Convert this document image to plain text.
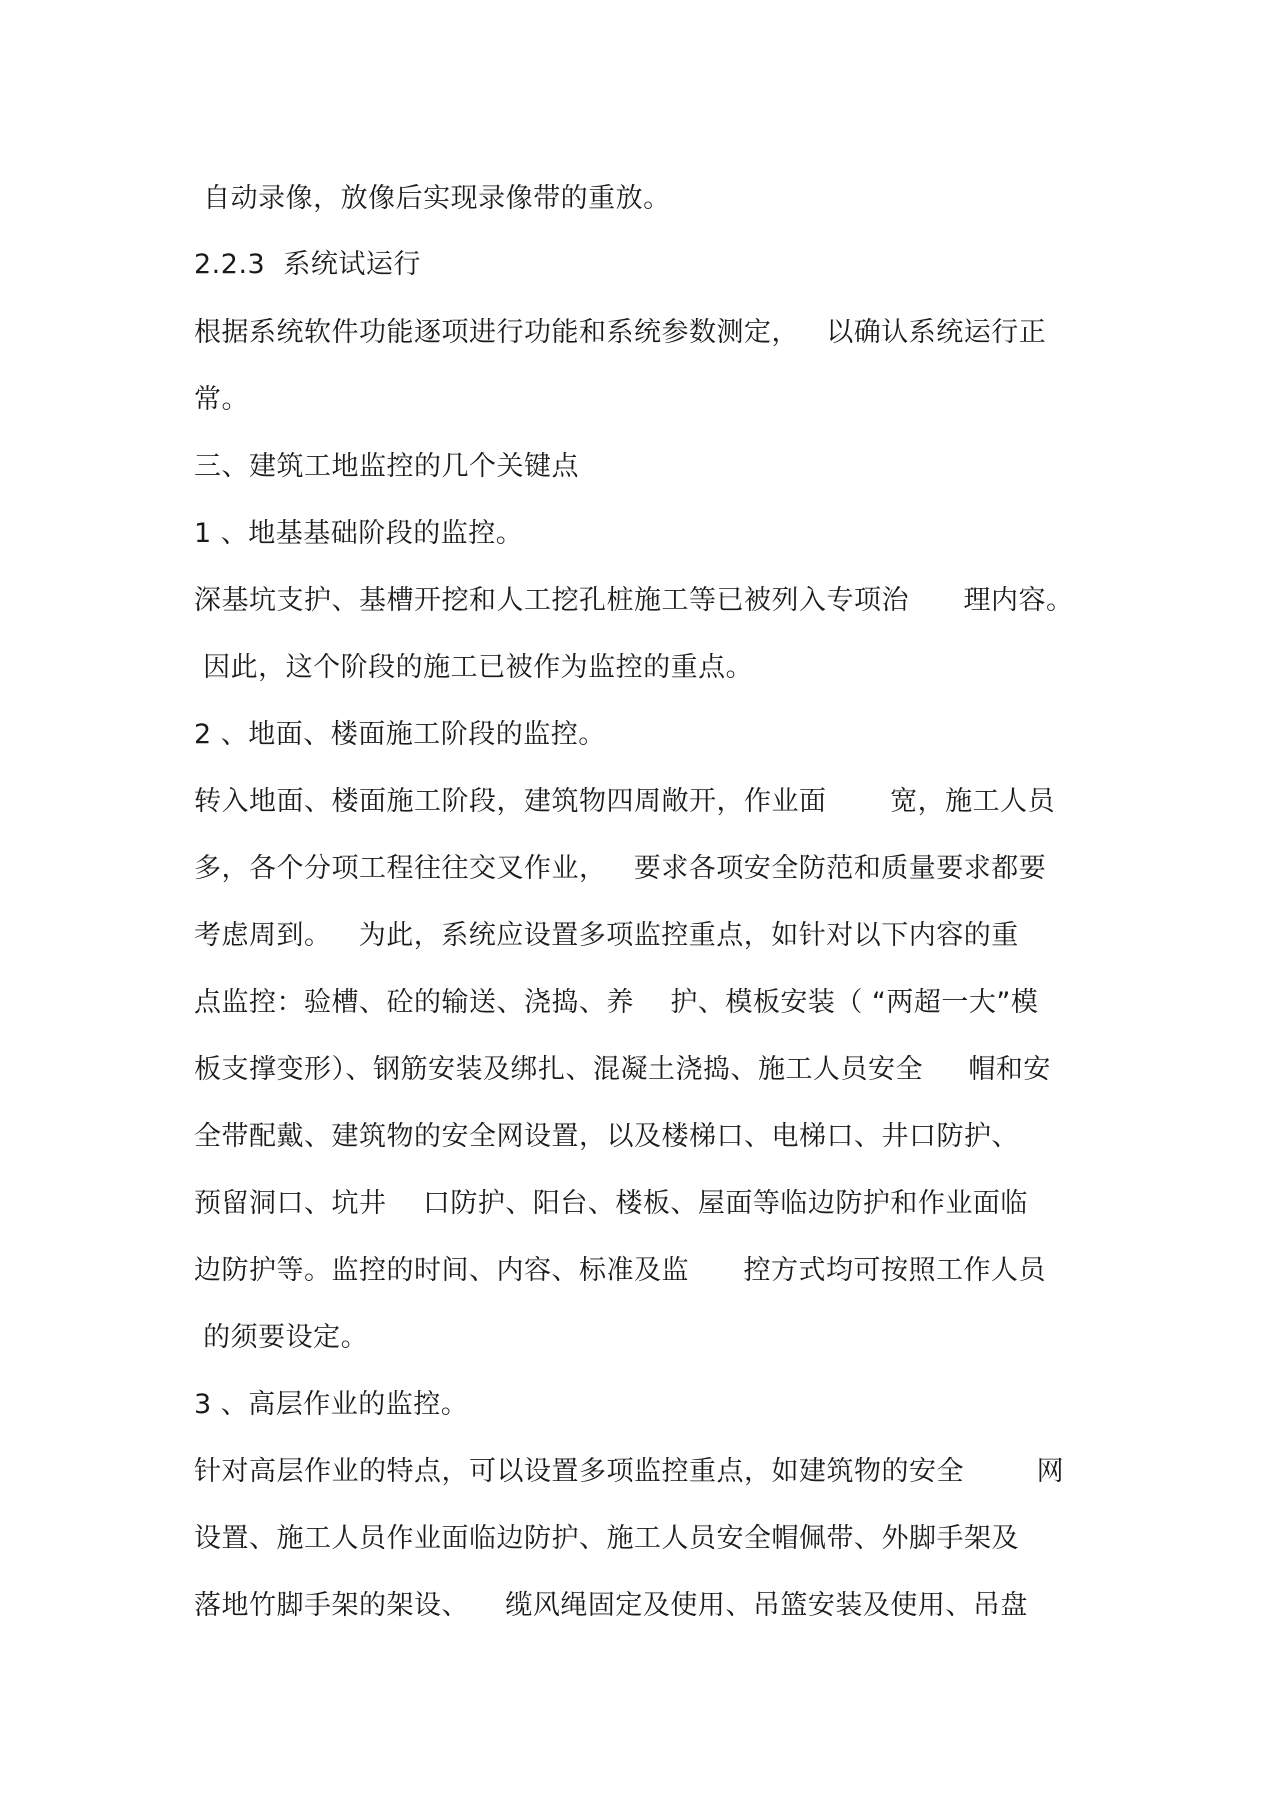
自动录像，放像后实现录像带的重放。
2.2.3  系统试运行
根据系统软件功能逐项进行功能和系统参数测定，   以确认系统运行正
常。
三、建筑工地监控的几个关键点
1 、地基基础阶段的监控。
深基坑支护、基槽开挖和人工挖孔桩施工等已被列入专项治      理内容。
因此，这个阶段的施工已被作为监控的重点。
2 、地面、楼面施工阶段的监控。
转入地面、楼面施工阶段，建筑物四周敞开，作业面       宽，施工人员
多，各个分项工程往往交叉作业，   要求各项安全防范和质量要求都要
考虑周到。   为此，系统应设置多项监控重点，如针对以下内容的重
点监控：验槽、砼的输送、浇捣、养    护、模板安装（ “两超一大”模
板支撑变形）、钢筋安装及绑扎、混凝土浇捣、施工人员安全     帽和安
全带配戴、建筑物的安全网设置，以及楼梯口、电梯口、井口防护、
预留洞口、坑井    口防护、阳台、楼板、屋面等临边防护和作业面临
边防护等。监控的时间、内容、标准及监      控方式均可按照工作人员
的须要设定。
3 、高层作业的监控。
针对高层作业的特点，可以设置多项监控重点，如建筑物的安全        网
设置、施工人员作业面临边防护、施工人员安全帽佩带、外脚手架及
落地竹脚手架的架设、    缆风绳固定及使用、吊篮安装及使用、吊盘
